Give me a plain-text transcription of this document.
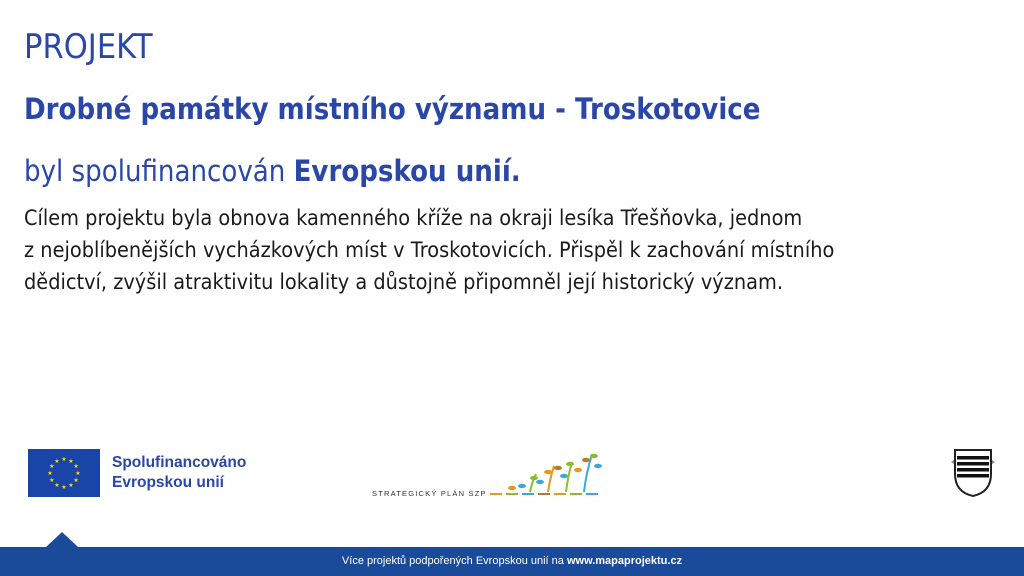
PROJEKT
Drobné památky místního významu - Troskotovice
byl spolufinancován Evropskou unií.
Cílem projektu byla obnova kamenného kříže na okraji lesíka Třešňovka, jednom
z nejoblíbenějších vycházkových míst v Troskotovicích. Přispěl k zachování místního
dědictví, zvýšil atraktivitu lokality a důstojně připomněl její historický význam.
★ ★
★
★
★
★
★
★
★
★
★
★	Spolufinancováno
Evropskou unií
STRATEGICKÝ PLÁN SZP
Více projektů podpořených Evropskou unií na www.mapaprojektu.cz
